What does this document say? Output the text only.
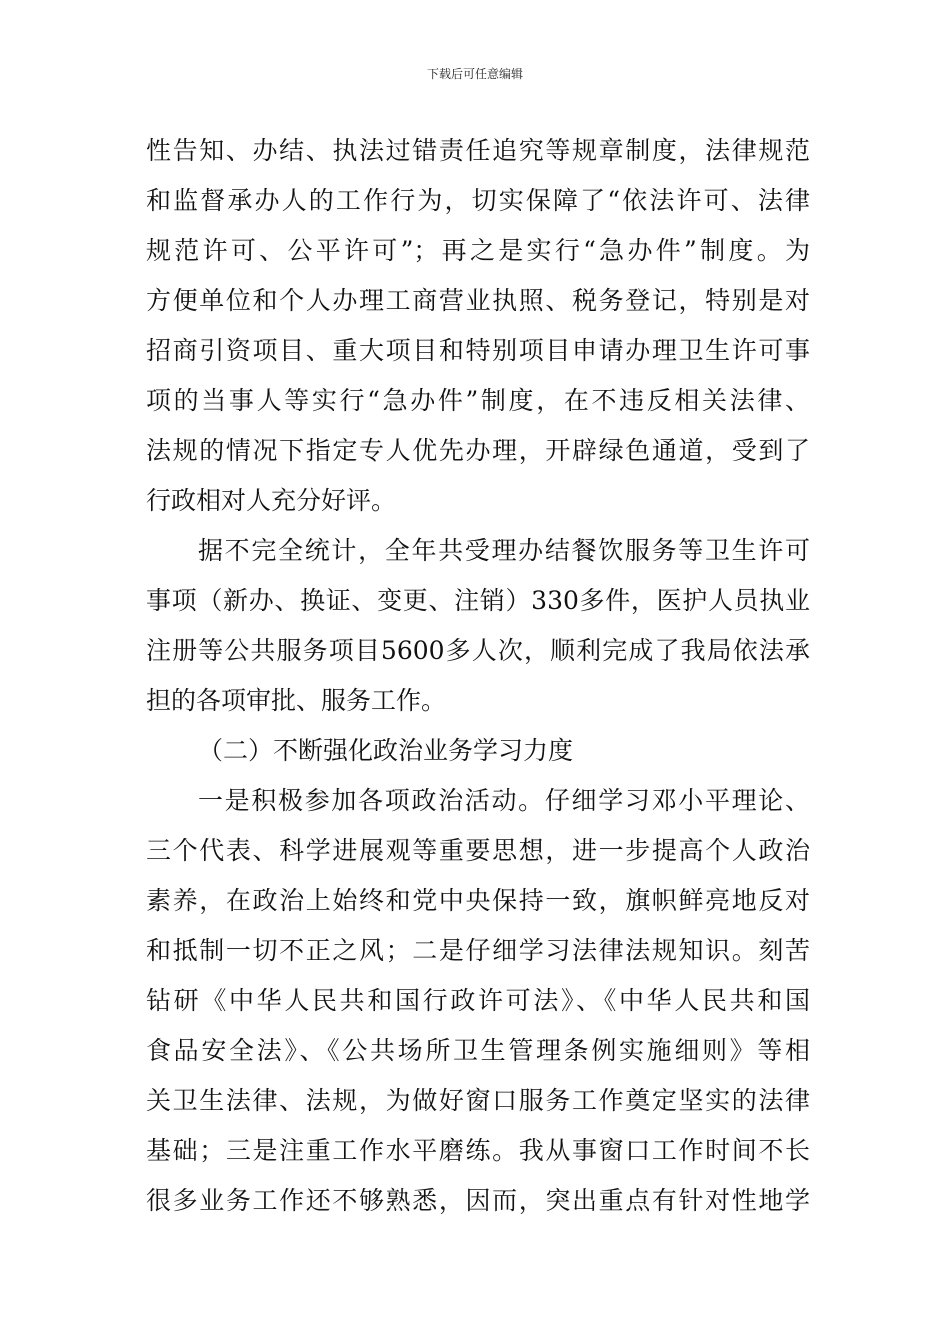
下载后可任意编辑
性告知、办结、执法过错责任追究等规章制度，法律规范
和监督承办人的工作行为，切实保障了“依法许可、法律
规范许可、公平许可”；再之是实行“急办件”制度。为
方便单位和个人办理工商营业执照、税务登记，特别是对
招商引资项目、重大项目和特别项目申请办理卫生许可事
项的当事人等实行“急办件”制度，在不违反相关法律、
法规的情况下指定专人优先办理，开辟绿色通道，受到了
行政相对人充分好评。
据不完全统计，全年共受理办结餐饮服务等卫生许可
事项（新办、换证、变更、注销）330多件，医护人员执业
注册等公共服务项目5600多人次，顺利完成了我局依法承
担的各项审批、服务工作。
（二）不断强化政治业务学习力度
一是积极参加各项政治活动。仔细学习邓小平理论、
三个代表、科学进展观等重要思想，进一步提高个人政治
素养，在政治上始终和党中央保持一致，旗帜鲜亮地反对
和抵制一切不正之风；二是仔细学习法律法规知识。刻苦
钻研《中华人民共和国行政许可法》、《中华人民共和国
食品安全法》、《公共场所卫生管理条例实施细则》等相
关卫生法律、法规，为做好窗口服务工作奠定坚实的法律
基础；三是注重工作水平磨练。我从事窗口工作时间不长
很多业务工作还不够熟悉，因而，突出重点有针对性地学
